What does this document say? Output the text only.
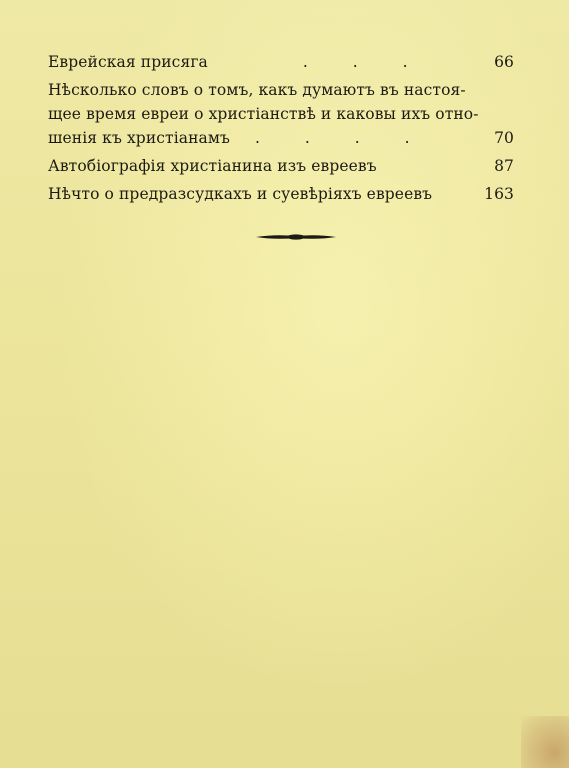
Еврейская присяга	. . .	66
Нѣсколько словъ о томъ, какъ думаютъ въ настоя-
щее время евреи о христіанствѣ и каковы ихъ отно-
шенія къ христіанамъ . . . .	70
Автобіографія христіанина изъ евреевъ	87
Нѣчто о предразсудкахъ и суевѣріяхъ евреевъ	163
